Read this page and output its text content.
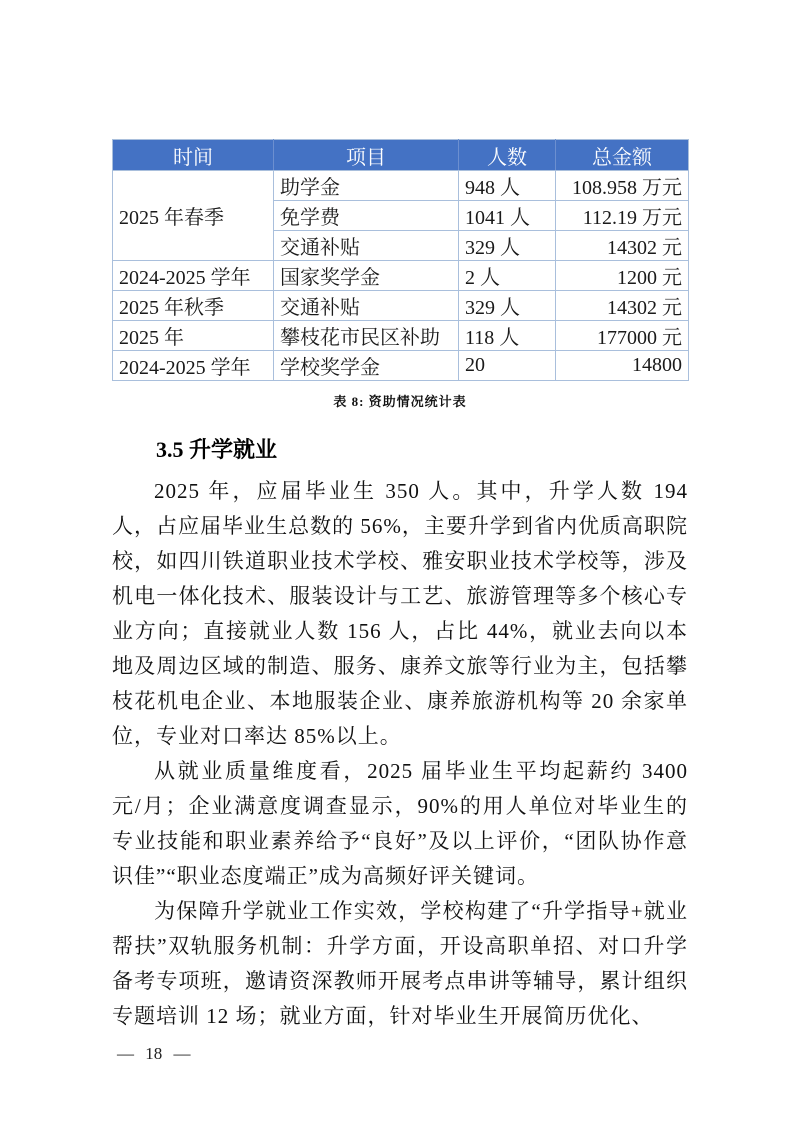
时间	项目	人数	总金额
2025 年春季	助学金	948 人	108.958 万元
	免学费	1041 人	112.19 万元
	交通补贴	329 人	14302 元
2024-2025 学年	国家奖学金	2 人	1200 元
2025 年秋季	交通补贴	329 人	14302 元
2025 年	攀枝花市民区补助	118 人	177000 元
2024-2025 学年	学校奖学金	20	14800
表 8: 资助情况统计表
3.5 升学就业

2025 年，应届毕业生 350 人。其中，升学人数 194 人，占应届毕业生总数的 56%，主要升学到省内优质高职院校，如四川铁道职业技术学校、雅安职业技术学校等，涉及机电一体化技术、服装设计与工艺、旅游管理等多个核心专业方向；直接就业人数 156 人，占比 44%，就业去向以本地及周边区域的制造、服务、康养文旅等行业为主，包括攀枝花机电企业、本地服装企业、康养旅游机构等 20 余家单位，专业对口率达 85%以上。

从就业质量维度看，2025 届毕业生平均起薪约 3400 元/月；企业满意度调查显示，90%的用人单位对毕业生的专业技能和职业素养给予“良好”及以上评价，“团队协作意识佳”“职业态度端正”成为高频好评关键词。

为保障升学就业工作实效，学校构建了“升学指导+就业帮扶”双轨服务机制：升学方面，开设高职单招、对口升学备考专项班，邀请资深教师开展考点串讲等辅导，累计组织专题培训 12 场；就业方面，针对毕业生开展简历优化、

— 18 —
